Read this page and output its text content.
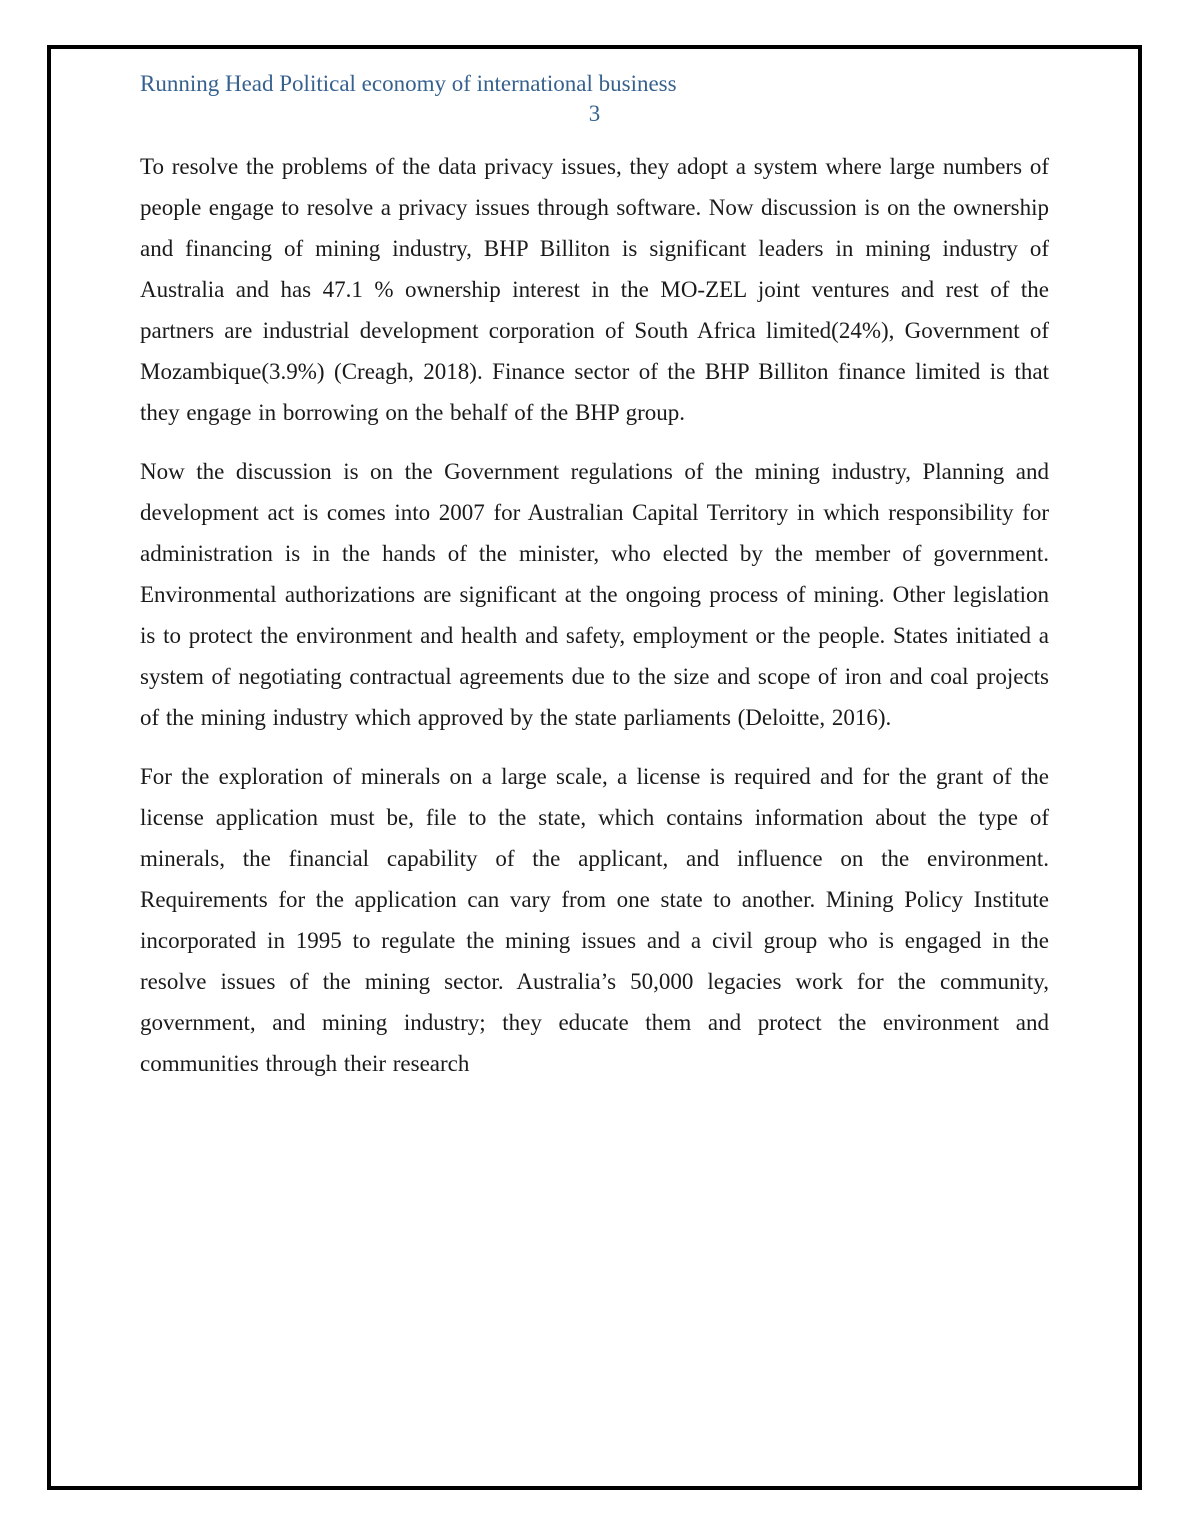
Running Head Political economy of international business
3

To resolve the problems of the data privacy issues, they adopt a system where large numbers of people engage to resolve a privacy issues through software. Now discussion is on the ownership and financing of mining industry, BHP Billiton is significant leaders in mining industry of Australia and has 47.1 % ownership interest in the MO-ZEL joint ventures and rest of the partners are industrial development corporation of South Africa limited(24%), Government of Mozambique(3.9%) (Creagh, 2018). Finance sector of the BHP Billiton finance limited is that they engage in borrowing on the behalf of the BHP group.

Now the discussion is on the Government regulations of the mining industry, Planning and development act is comes into 2007 for Australian Capital Territory in which responsibility for administration is in the hands of the minister, who elected by the member of government. Environmental authorizations are significant at the ongoing process of mining. Other legislation is to protect the environment and health and safety, employment or the people. States initiated a system of negotiating contractual agreements due to the size and scope of iron and coal projects of the mining industry which approved by the state parliaments (Deloitte, 2016).

For the exploration of minerals on a large scale, a license is required and for the grant of the license application must be, file to the state, which contains information about the type of minerals, the financial capability of the applicant, and influence on the environment. Requirements for the application can vary from one state to another. Mining Policy Institute incorporated in 1995 to regulate the mining issues and a civil group who is engaged in the resolve issues of the mining sector. Australia’s 50,000 legacies work for the community, government, and mining industry; they educate them and protect the environment and communities through their research
